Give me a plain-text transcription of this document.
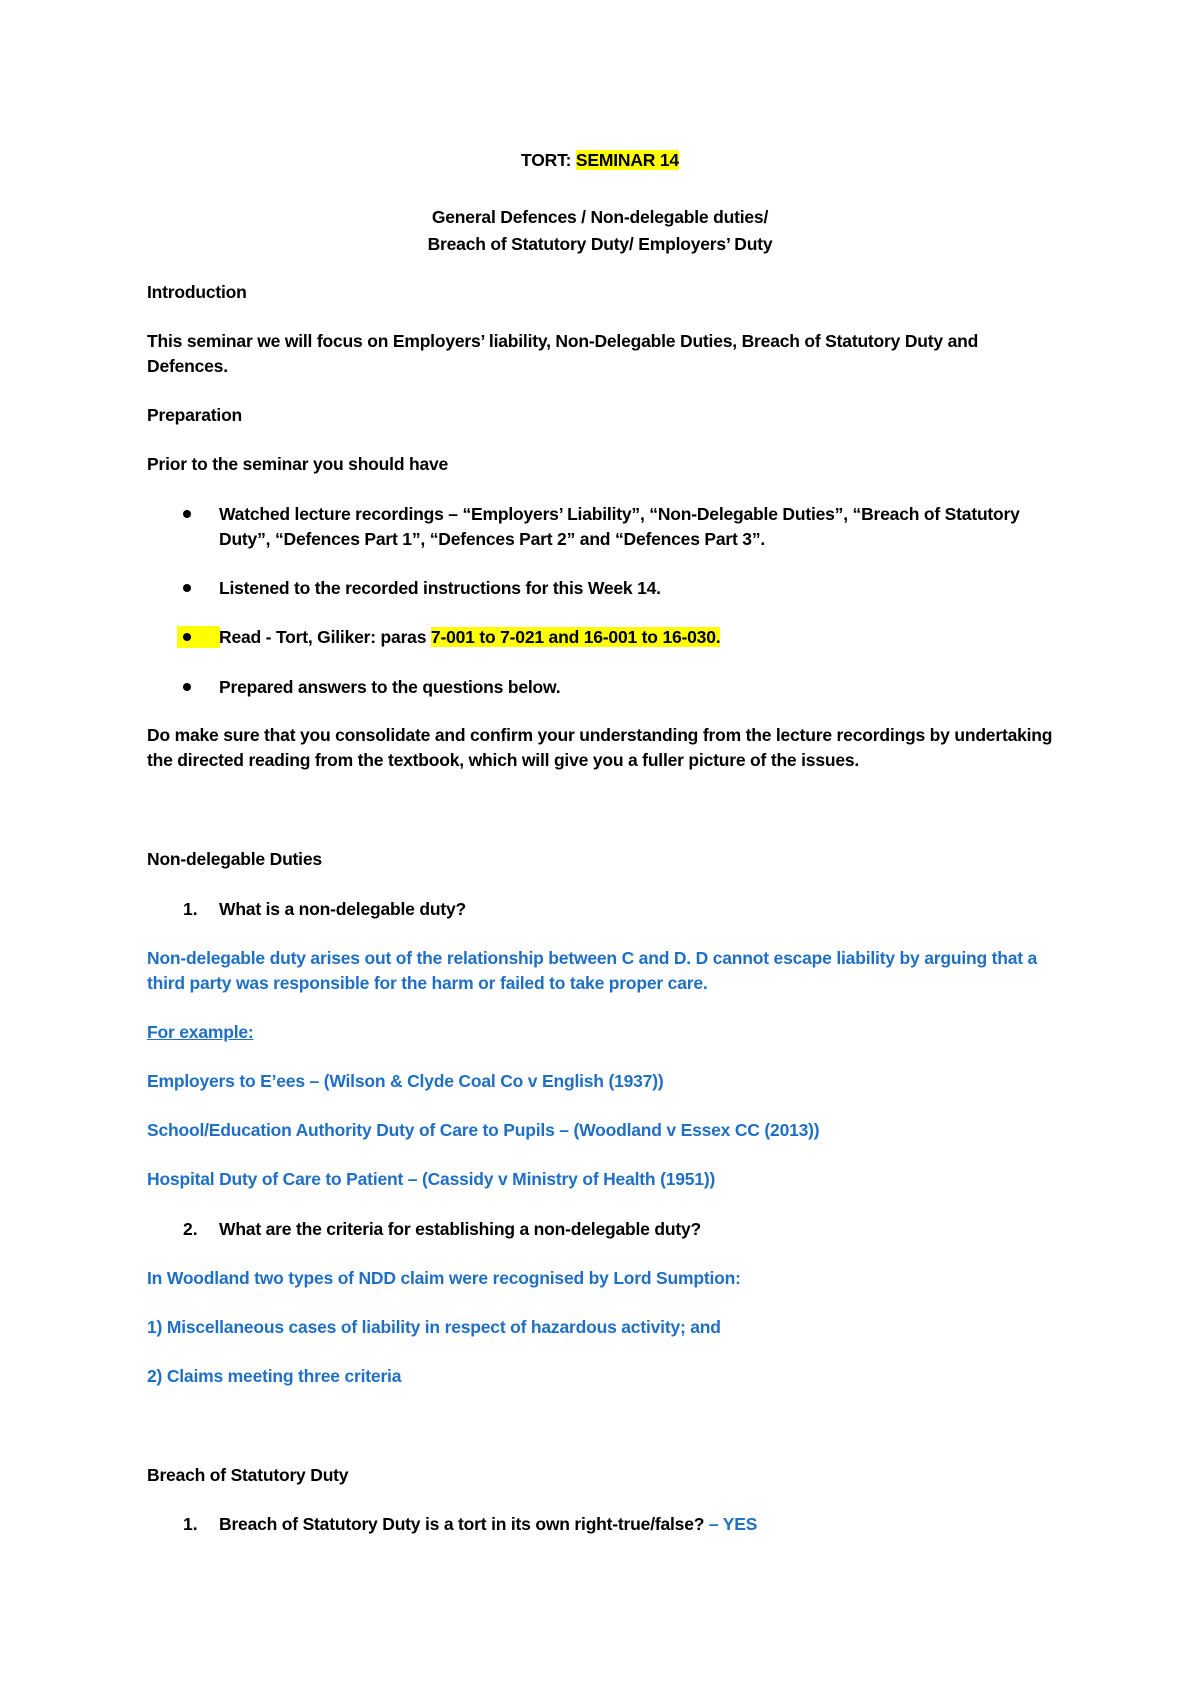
TORT: SEMINAR 14
General Defences / Non-delegable duties/
Breach of Statutory Duty/ Employers’ Duty
Introduction
This seminar we will focus on Employers’ liability, Non-Delegable Duties, Breach of Statutory Duty and
Defences.
Preparation
Prior to the seminar you should have
Watched lecture recordings – “Employers’ Liability”, “Non-Delegable Duties”, “Breach of Statutory
Duty”, “Defences Part 1”, “Defences Part 2” and “Defences Part 3”.
Listened to the recorded instructions for this Week 14.
Read - Tort, Giliker: paras 7-001 to 7-021 and 16-001 to 16-030.
Prepared answers to the questions below.
Do make sure that you consolidate and confirm your understanding from the lecture recordings by undertaking
the directed reading from the textbook, which will give you a fuller picture of the issues.
Non-delegable Duties
1. What is a non-delegable duty?
Non-delegable duty arises out of the relationship between C and D. D cannot escape liability by arguing that a
third party was responsible for the harm or failed to take proper care.
For example:
Employers to E’ees – (Wilson & Clyde Coal Co v English (1937))
School/Education Authority Duty of Care to Pupils – (Woodland v Essex CC (2013))
Hospital Duty of Care to Patient – (Cassidy v Ministry of Health (1951))
2. What are the criteria for establishing a non-delegable duty?
In Woodland two types of NDD claim were recognised by Lord Sumption:
1) Miscellaneous cases of liability in respect of hazardous activity; and
2) Claims meeting three criteria
Breach of Statutory Duty
1. Breach of Statutory Duty is a tort in its own right-true/false? – YES
